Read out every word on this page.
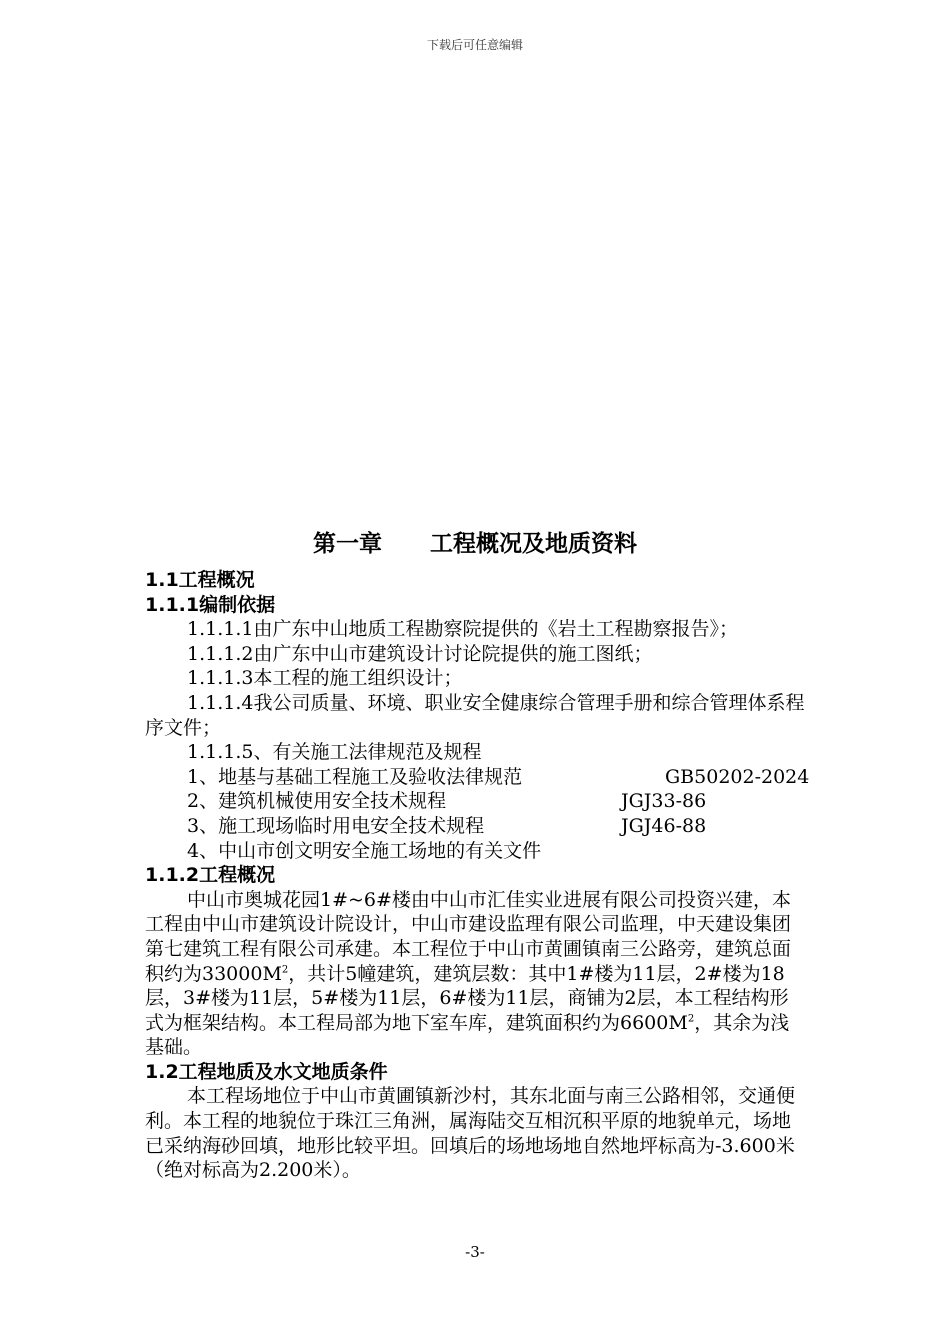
下载后可任意编辑
第一章      工程概况及地质资料
1.1工程概况
1.1.1编制依据
1.1.1.1由广东中山地质工程勘察院提供的《岩土工程勘察报告》；
1.1.1.2由广东中山市建筑设计讨论院提供的施工图纸；
1.1.1.3本工程的施工组织设计；
1.1.1.4我公司质量、环境、职业安全健康综合管理手册和综合管理体系程序文件；
1.1.1.5、有关施工法律规范及规程
1、地基与基础工程施工及验收法律规范	GB50202-2024
2、建筑机械使用安全技术规程	JGJ33-86
3、施工现场临时用电安全技术规程	JGJ46-88
4、中山市创文明安全施工场地的有关文件
1.1.2工程概况
中山市奥城花园1#~6#楼由中山市汇佳实业进展有限公司投资兴建，本工程由中山市建筑设计院设计，中山市建设监理有限公司监理，中天建设集团第七建筑工程有限公司承建。本工程位于中山市黄圃镇南三公路旁，建筑总面积约为$33000M^2$，共计5幢建筑，建筑层数：其中1#楼为11层，2#楼为18层，3#楼为11层，5#楼为11层，6#楼为11层，商铺为2层，本工程结构形式为框架结构。本工程局部为地下室车库，建筑面积约为$6600M^2$，其余为浅基础。
1.2工程地质及水文地质条件
本工程场地位于中山市黄圃镇新沙村，其东北面与南三公路相邻，交通便利。本工程的地貌位于珠江三角洲，属海陆交互相沉积平原的地貌单元，场地已采纳海砂回填，地形比较平坦。回填后的场地场地自然地坪标高为-3.600米（绝对标高为2.200米）。
-3-
